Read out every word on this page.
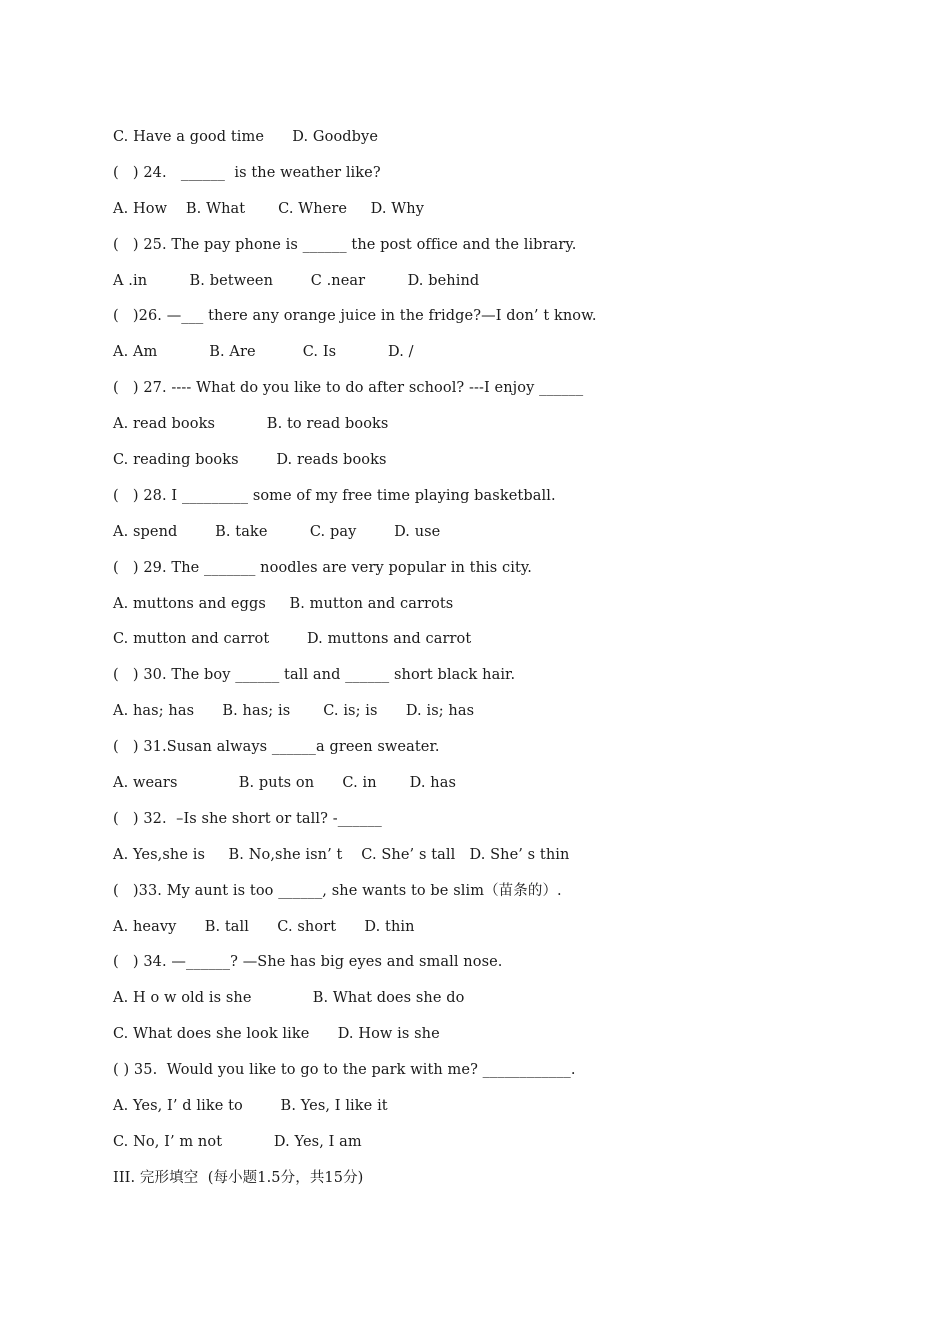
C. Have a good time      D. Goodbye
(   ) 24.   ______  is the weather like?
A. How    B. What       C. Where     D. Why
(   ) 25. The pay phone is ______ the post office and the library.
A .in         B. between        C .near         D. behind
(   )26. —___ there any orange juice in the fridge?—I don’ t know.
A. Am           B. Are          C. Is           D. /
(   ) 27. ---- What do you like to do after school? ---I enjoy ______
A. read books           B. to read books
C. reading books        D. reads books
(   ) 28. I _________ some of my free time playing basketball.
A. spend        B. take         C. pay        D. use
(   ) 29. The _______ noodles are very popular in this city.
A. muttons and eggs     B. mutton and carrots
C. mutton and carrot        D. muttons and carrot
(   ) 30. The boy ______ tall and ______ short black hair.
A. has; has      B. has; is       C. is; is      D. is; has
(   ) 31.Susan always ______a green sweater.
A. wears             B. puts on      C. in       D. has
(   ) 32.  –Is she short or tall? -______
A. Yes,she is     B. No,she isn’ t    C. She’ s tall   D. She’ s thin
(   )33. My aunt is too ______, she wants to be slim（苗条的）.
A. heavy      B. tall      C. short      D. thin
(   ) 34. —______? —She has big eyes and small nose.
A. H o w old is she             B. What does she do
C. What does she look like      D. How is she
( ) 35.  Would you like to go to the park with me? ____________.
A. Yes, I’ d like to        B. Yes, I like it
C. No, I’ m not           D. Yes, I am
III. 完形填空  (每小题1.5分，共15分)
